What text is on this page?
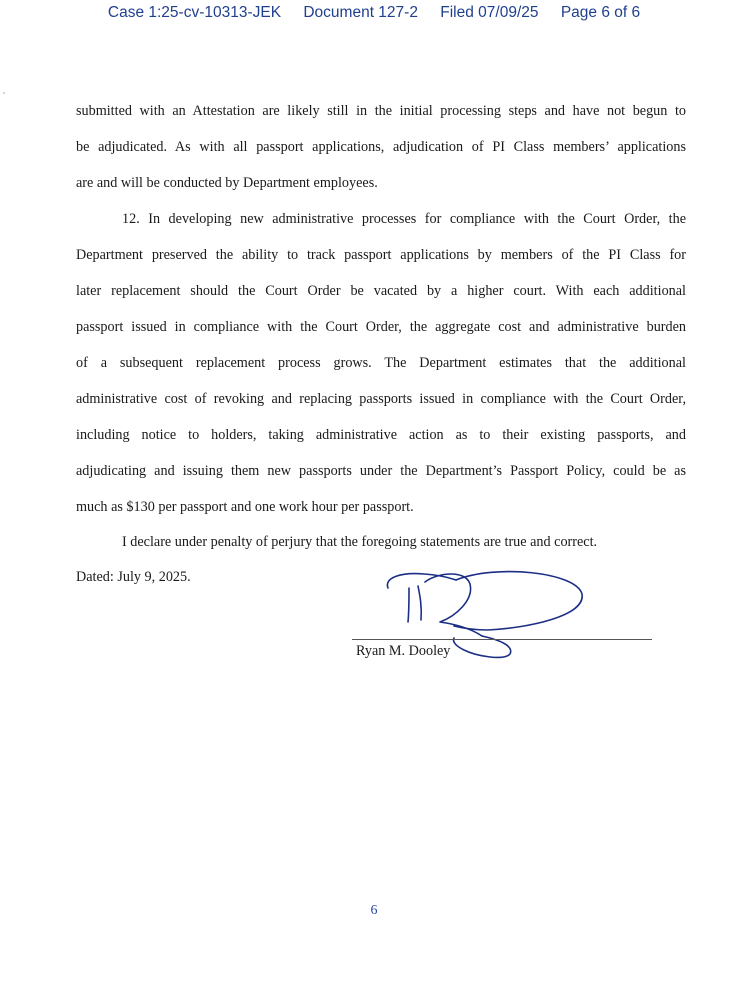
Case 1:25-cv-10313-JEK Document 127-2 Filed 07/09/25 Page 6 of 6
submitted with an Attestation are likely still in the initial processing steps and have not begun to
be adjudicated. As with all passport applications, adjudication of PI Class members’ applications
are and will be conducted by Department employees.
12. In developing new administrative processes for compliance with the Court Order, the
Department preserved the ability to track passport applications by members of the PI Class for
later replacement should the Court Order be vacated by a higher court. With each additional
passport issued in compliance with the Court Order, the aggregate cost and administrative burden
of a subsequent replacement process grows. The Department estimates that the additional
administrative cost of revoking and replacing passports issued in compliance with the Court Order,
including notice to holders, taking administrative action as to their existing passports, and
adjudicating and issuing them new passports under the Department’s Passport Policy, could be as
much as $130 per passport and one work hour per passport.
I declare under penalty of perjury that the foregoing statements are true and correct.
Dated: July 9, 2025.
Ryan M. Dooley
6
